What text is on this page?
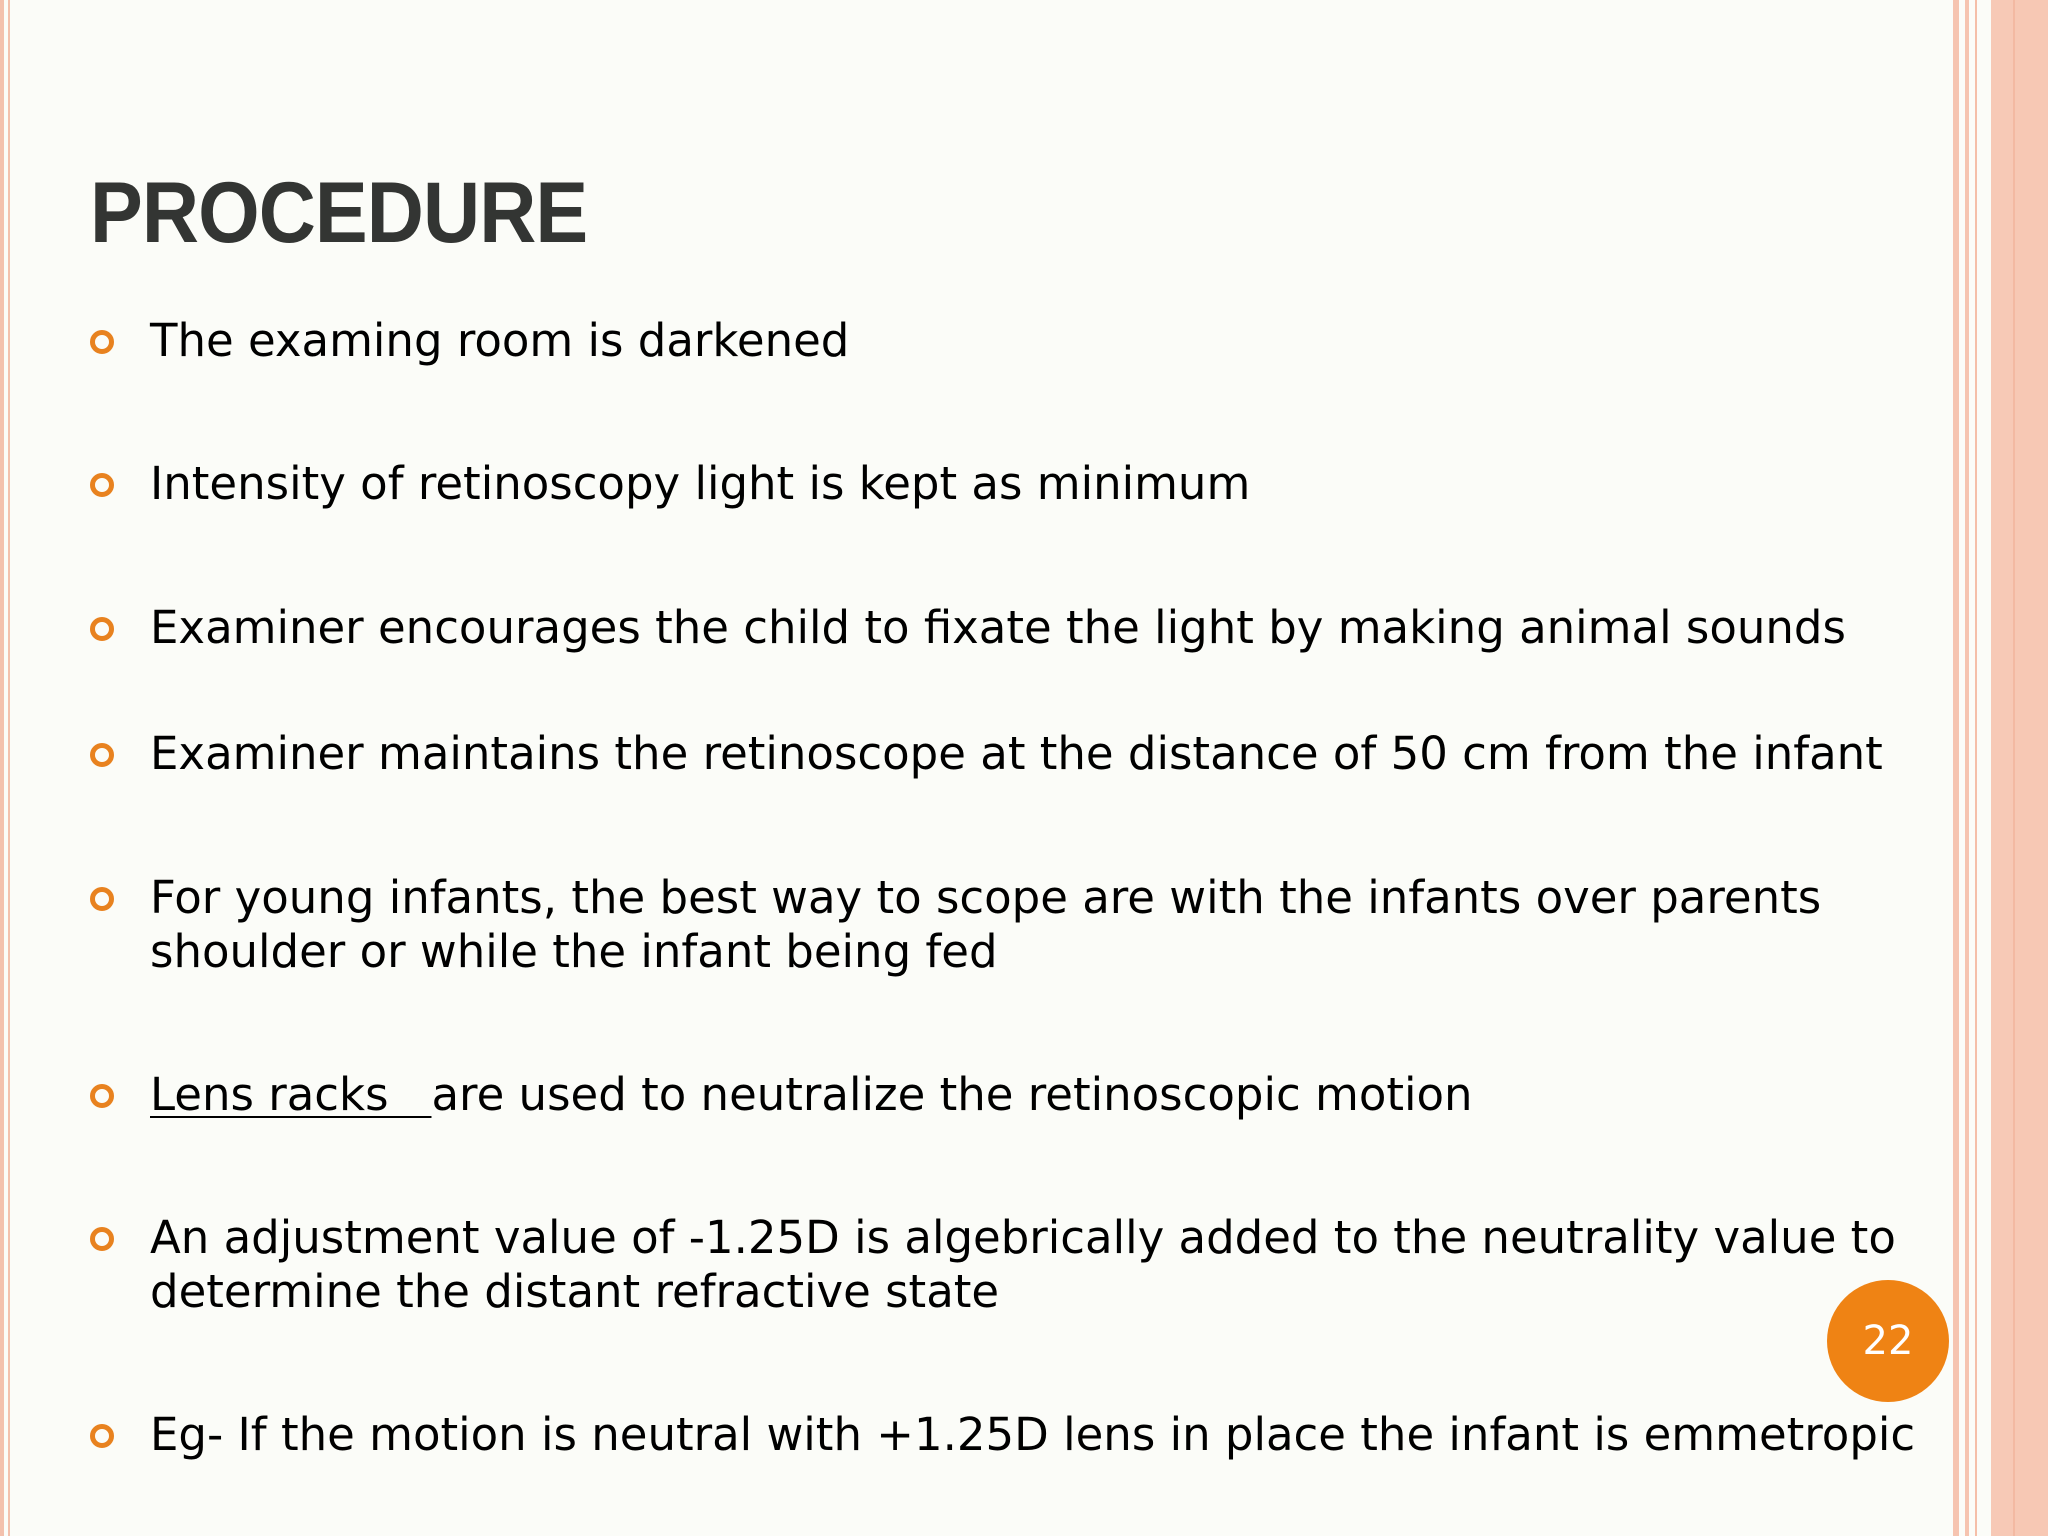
PROCEDURE
The examing room is darkened
Intensity of retinoscopy light is kept as minimum
Examiner encourages the child to fixate the light by making animal sounds
Examiner maintains the retinoscope at the distance of 50 cm from the infant
For young infants, the best way to scope are with the infants over parents shoulder or while the infant being fed
Lens racks   are used to neutralize the retinoscopic motion
An adjustment value of -1.25D is algebrically added to the neutrality value to determine the distant refractive state
Eg- If the motion is neutral with +1.25D lens in place the infant is emmetropic
22
